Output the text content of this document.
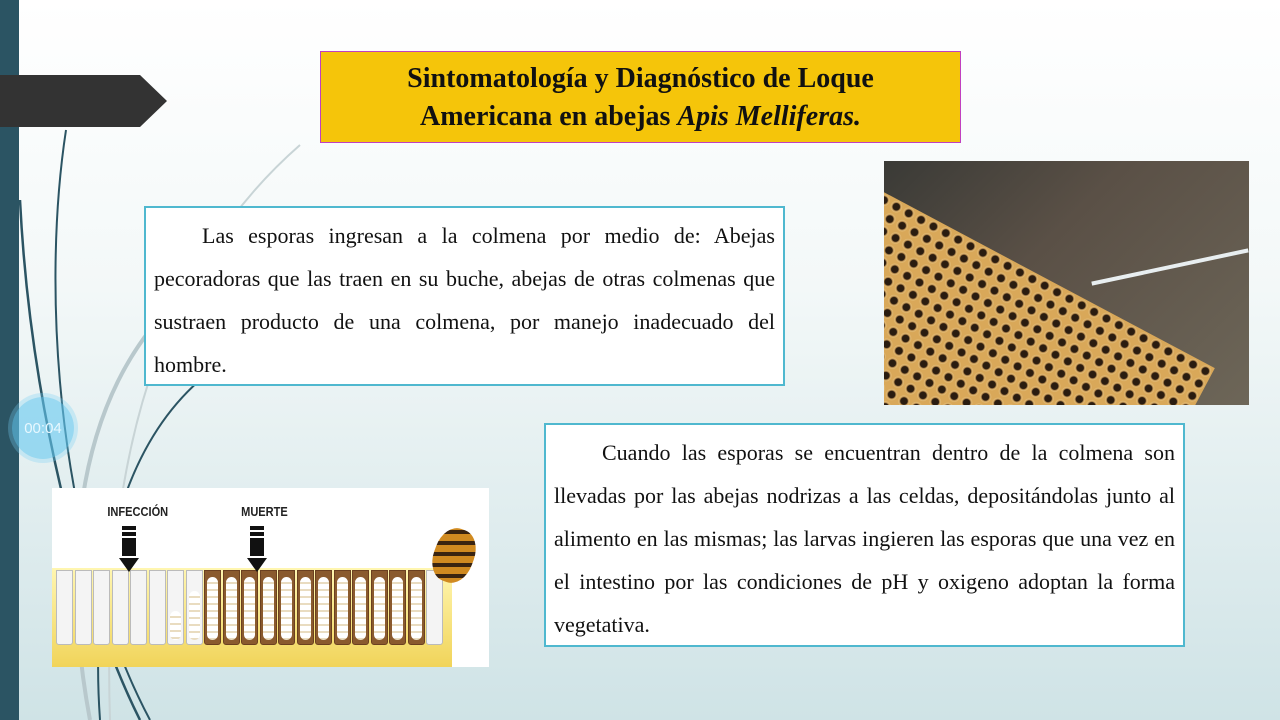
00:04
Sintomatología y Diagnóstico de Loque
Americana en abejas Apis Melliferas.

Las esporas ingresan a la colmena por medio de: Abejas pecoradoras que las traen en su buche, abejas de otras colmenas que sustraen producto de una colmena, por manejo inadecuado del hombre.

Cuando las esporas se encuentran dentro de la colmena son llevadas por las abejas nodrizas a las celdas, depositándolas junto al alimento en las mismas; las larvas ingieren las esporas que una vez en el intestino por las condiciones de pH y oxigeno adoptan la forma vegetativa.

INFECCIÓN	MUERTE
